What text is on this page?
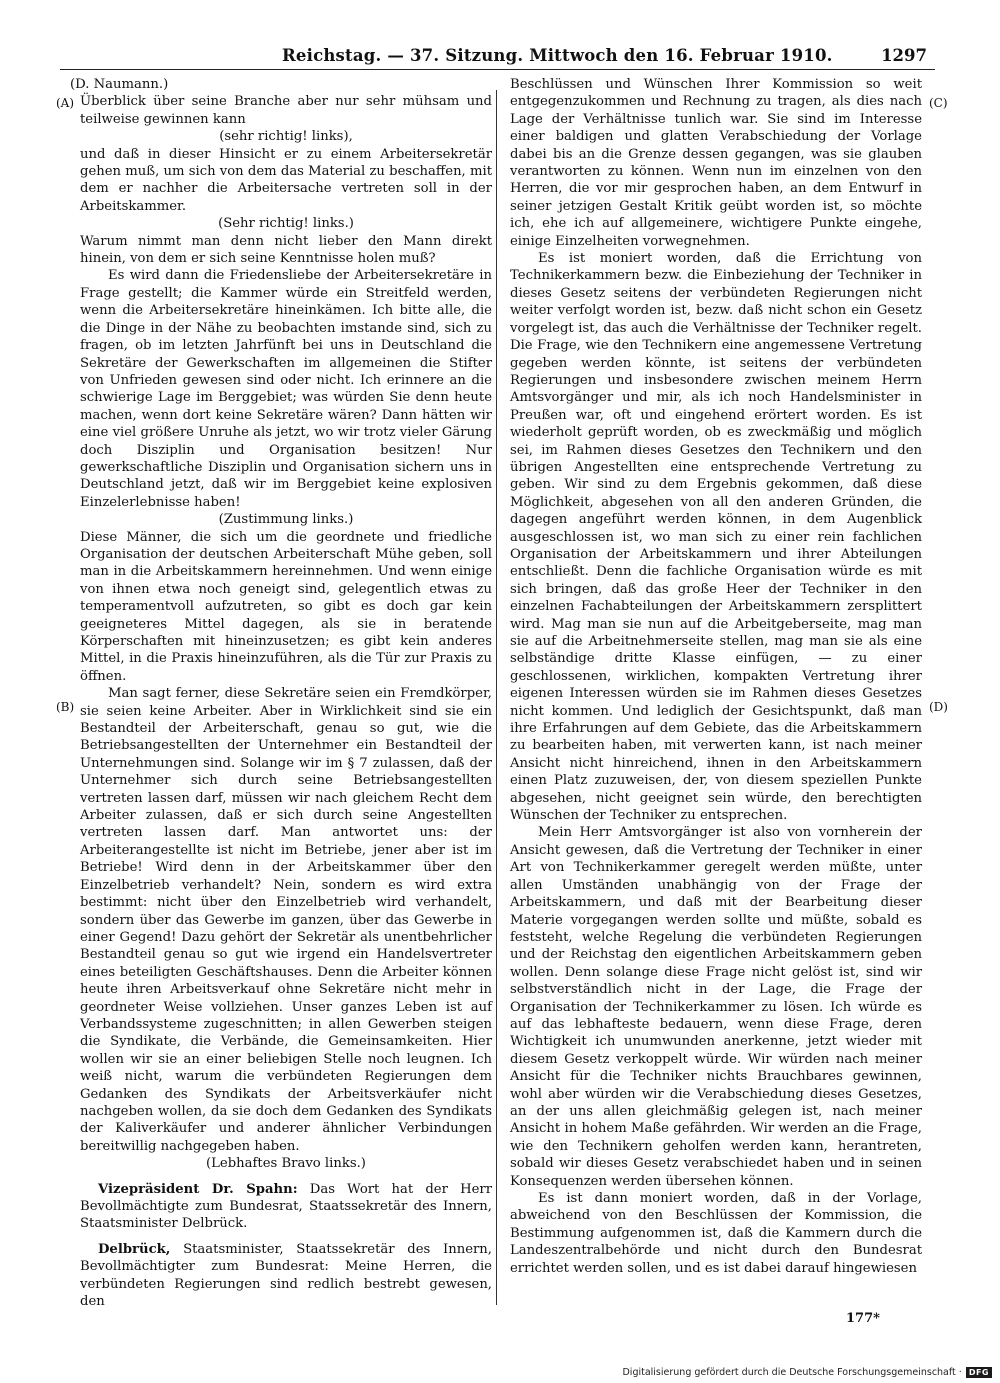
Reichstag. — 37. Sitzung. Mittwoch den 16. Februar 1910.	1297
(A)
(B)
(C)
(D)

(D. Naumann.)

Überblick über seine Branche aber nur sehr mühsam und teilweise gewinnen kann

(sehr richtig! links),

und daß in dieser Hinsicht er zu einem Arbeitersekretär gehen muß, um sich von dem das Material zu beschaffen, mit dem er nachher die Arbeitersache vertreten soll in der Arbeitskammer.

(Sehr richtig! links.)

Warum nimmt man denn nicht lieber den Mann direkt hinein, von dem er sich seine Kenntnisse holen muß?

Es wird dann die Friedensliebe der Arbeitersekretäre in Frage gestellt; die Kammer würde ein Streitfeld werden, wenn die Arbeitersekretäre hineinkämen. Ich bitte alle, die die Dinge in der Nähe zu beobachten imstande sind, sich zu fragen, ob im letzten Jahrfünft bei uns in Deutschland die Sekretäre der Gewerkschaften im allgemeinen die Stifter von Unfrieden gewesen sind oder nicht. Ich erinnere an die schwierige Lage im Berggebiet; was würden Sie denn heute machen, wenn dort keine Sekretäre wären? Dann hätten wir eine viel größere Unruhe als jetzt, wo wir trotz vieler Gärung doch Disziplin und Organisation besitzen! Nur gewerkschaftliche Disziplin und Organisation sichern uns in Deutschland jetzt, daß wir im Berggebiet keine explosiven Einzelerlebnisse haben!

(Zustimmung links.)

Diese Männer, die sich um die geordnete und friedliche Organisation der deutschen Arbeiterschaft Mühe geben, soll man in die Arbeitskammern hereinnehmen. Und wenn einige von ihnen etwa noch geneigt sind, gelegentlich etwas zu temperamentvoll aufzutreten, so gibt es doch gar kein geeigneteres Mittel dagegen, als sie in beratende Körperschaften mit hineinzusetzen; es gibt kein anderes Mittel, in die Praxis hineinzuführen, als die Tür zur Praxis zu öffnen.

Man sagt ferner, diese Sekretäre seien ein Fremdkörper, sie seien keine Arbeiter. Aber in Wirklichkeit sind sie ein Bestandteil der Arbeiterschaft, genau so gut, wie die Betriebsangestellten der Unternehmer ein Bestandteil der Unternehmungen sind. Solange wir im § 7 zulassen, daß der Unternehmer sich durch seine Betriebsangestellten vertreten lassen darf, müssen wir nach gleichem Recht dem Arbeiter zulassen, daß er sich durch seine Angestellten vertreten lassen darf. Man antwortet uns: der Arbeiterangestellte ist nicht im Betriebe, jener aber ist im Betriebe! Wird denn in der Arbeitskammer über den Einzelbetrieb verhandelt? Nein, sondern es wird extra bestimmt: nicht über den Einzelbetrieb wird verhandelt, sondern über das Gewerbe im ganzen, über das Gewerbe in einer Gegend! Dazu gehört der Sekretär als unentbehrlicher Bestandteil genau so gut wie irgend ein Handelsvertreter eines beteiligten Geschäftshauses. Denn die Arbeiter können heute ihren Arbeitsverkauf ohne Sekretäre nicht mehr in geordneter Weise vollziehen. Unser ganzes Leben ist auf Verbandssysteme zugeschnitten; in allen Gewerben steigen die Syndikate, die Verbände, die Gemeinsamkeiten. Hier wollen wir sie an einer beliebigen Stelle noch leugnen. Ich weiß nicht, warum die verbündeten Regierungen dem Gedanken des Syndikats der Arbeitsverkäufer nicht nachgeben wollen, da sie doch dem Gedanken des Syndikats der Kaliverkäufer und anderer ähnlicher Verbindungen bereitwillig nachgegeben haben.

(Lebhaftes Bravo links.)

Vizepräsident Dr. Spahn: Das Wort hat der Herr Bevollmächtigte zum Bundesrat, Staatssekretär des Innern, Staatsminister Delbrück.

Delbrück, Staatsminister, Staatssekretär des Innern, Bevollmächtigter zum Bundesrat: Meine Herren, die verbündeten Regierungen sind redlich bestrebt gewesen, den

Beschlüssen und Wünschen Ihrer Kommission so weit entgegenzukommen und Rechnung zu tragen, als dies nach Lage der Verhältnisse tunlich war. Sie sind im Interesse einer baldigen und glatten Verabschiedung der Vorlage dabei bis an die Grenze dessen gegangen, was sie glauben verantworten zu können. Wenn nun im einzelnen von den Herren, die vor mir gesprochen haben, an dem Entwurf in seiner jetzigen Gestalt Kritik geübt worden ist, so möchte ich, ehe ich auf allgemeinere, wichtigere Punkte eingehe, einige Einzelheiten vorwegnehmen.

Es ist moniert worden, daß die Errichtung von Technikerkammern bezw. die Einbeziehung der Techniker in dieses Gesetz seitens der verbündeten Regierungen nicht weiter verfolgt worden ist, bezw. daß nicht schon ein Gesetz vorgelegt ist, das auch die Verhältnisse der Techniker regelt. Die Frage, wie den Technikern eine angemessene Vertretung gegeben werden könnte, ist seitens der verbündeten Regierungen und insbesondere zwischen meinem Herrn Amtsvorgänger und mir, als ich noch Handelsminister in Preußen war, oft und eingehend erörtert worden. Es ist wiederholt geprüft worden, ob es zweckmäßig und möglich sei, im Rahmen dieses Gesetzes den Technikern und den übrigen Angestellten eine entsprechende Vertretung zu geben. Wir sind zu dem Ergebnis gekommen, daß diese Möglichkeit, abgesehen von all den anderen Gründen, die dagegen angeführt werden können, in dem Augenblick ausgeschlossen ist, wo man sich zu einer rein fachlichen Organisation der Arbeitskammern und ihrer Abteilungen entschließt. Denn die fachliche Organisation würde es mit sich bringen, daß das große Heer der Techniker in den einzelnen Fachabteilungen der Arbeitskammern zersplittert wird. Mag man sie nun auf die Arbeitgeberseite, mag man sie auf die Arbeitnehmerseite stellen, mag man sie als eine selbständige dritte Klasse einfügen, — zu einer geschlossenen, wirklichen, kompakten Vertretung ihrer eigenen Interessen würden sie im Rahmen dieses Gesetzes nicht kommen. Und lediglich der Gesichtspunkt, daß man ihre Erfahrungen auf dem Gebiete, das die Arbeitskammern zu bearbeiten haben, mit verwerten kann, ist nach meiner Ansicht nicht hinreichend, ihnen in den Arbeitskammern einen Platz zuzuweisen, der, von diesem speziellen Punkte abgesehen, nicht geeignet sein würde, den berechtigten Wünschen der Techniker zu entsprechen.

Mein Herr Amtsvorgänger ist also von vornherein der Ansicht gewesen, daß die Vertretung der Techniker in einer Art von Technikerkammer geregelt werden müßte, unter allen Umständen unabhängig von der Frage der Arbeitskammern, und daß mit der Bearbeitung dieser Materie vorgegangen werden sollte und müßte, sobald es feststeht, welche Regelung die verbündeten Regierungen und der Reichstag den eigentlichen Arbeitskammern geben wollen. Denn solange diese Frage nicht gelöst ist, sind wir selbstverständlich nicht in der Lage, die Frage der Organisation der Technikerkammer zu lösen. Ich würde es auf das lebhafteste bedauern, wenn diese Frage, deren Wichtigkeit ich unumwunden anerkenne, jetzt wieder mit diesem Gesetz verkoppelt würde. Wir würden nach meiner Ansicht für die Techniker nichts Brauchbares gewinnen, wohl aber würden wir die Verabschiedung dieses Gesetzes, an der uns allen gleichmäßig gelegen ist, nach meiner Ansicht in hohem Maße gefährden. Wir werden an die Frage, wie den Technikern geholfen werden kann, herantreten, sobald wir dieses Gesetz verabschiedet haben und in seinen Konsequenzen werden übersehen können.

Es ist dann moniert worden, daß in der Vorlage, abweichend von den Beschlüssen der Kommission, die Bestimmung aufgenommen ist, daß die Kammern durch die Landeszentralbehörde und nicht durch den Bundesrat errichtet werden sollen, und es ist dabei darauf hingewiesen

177*
Digitalisierung gefördert durch die Deutsche Forschungsgemeinschaft · DFG
